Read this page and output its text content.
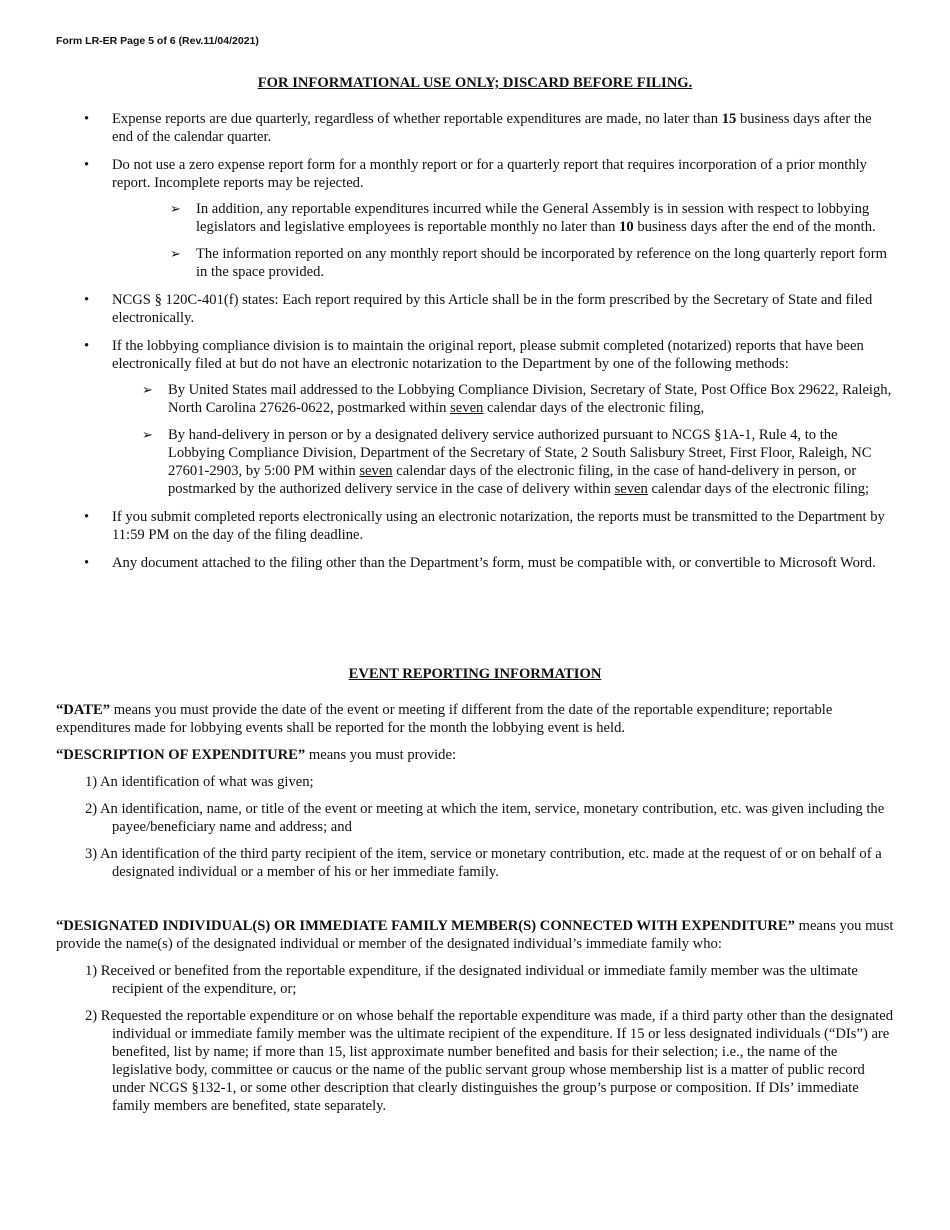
Form LR-ER Page 5 of 6 (Rev.11/04/2021)
FOR INFORMATIONAL USE ONLY; DISCARD BEFORE FILING.
• Expense reports are due quarterly, regardless of whether reportable expenditures are made, no later than 15 business days after the end of the calendar quarter.
• Do not use a zero expense report form for a monthly report or for a quarterly report that requires incorporation of a prior monthly report. Incomplete reports may be rejected.
➢ In addition, any reportable expenditures incurred while the General Assembly is in session with respect to lobbying legislators and legislative employees is reportable monthly no later than 10 business days after the end of the month.
➢ The information reported on any monthly report should be incorporated by reference on the long quarterly report form in the space provided.
• NCGS § 120C-401(f) states: Each report required by this Article shall be in the form prescribed by the Secretary of State and filed electronically.
• If the lobbying compliance division is to maintain the original report, please submit completed (notarized) reports that have been electronically filed at but do not have an electronic notarization to the Department by one of the following methods:
➢ By United States mail addressed to the Lobbying Compliance Division, Secretary of State, Post Office Box 29622, Raleigh, North Carolina 27626-0622, postmarked within seven calendar days of the electronic filing,
➢ By hand-delivery in person or by a designated delivery service authorized pursuant to NCGS §1A-1, Rule 4, to the Lobbying Compliance Division, Department of the Secretary of State, 2 South Salisbury Street, First Floor, Raleigh, NC 27601-2903, by 5:00 PM within seven calendar days of the electronic filing, in the case of hand-delivery in person, or postmarked by the authorized delivery service in the case of delivery within seven calendar days of the electronic filing;
• If you submit completed reports electronically using an electronic notarization, the reports must be transmitted to the Department by 11:59 PM on the day of the filing deadline.
• Any document attached to the filing other than the Department’s form, must be compatible with, or convertible to Microsoft Word.
EVENT REPORTING INFORMATION

“DATE” means you must provide the date of the event or meeting if different from the date of the reportable expenditure; reportable expenditures made for lobbying events shall be reported for the month the lobbying event is held.

“DESCRIPTION OF EXPENDITURE” means you must provide:

1) An identification of what was given;
2) An identification, name, or title of the event or meeting at which the item, service, monetary contribution, etc. was given including the payee/beneficiary name and address; and
3) An identification of the third party recipient of the item, service or monetary contribution, etc. made at the request of or on behalf of a designated individual or a member of his or her immediate family.

“DESIGNATED INDIVIDUAL(S) OR IMMEDIATE FAMILY MEMBER(S) CONNECTED WITH EXPENDITURE” means you must provide the name(s) of the designated individual or member of the designated individual’s immediate family who:

1) Received or benefited from the reportable expenditure, if the designated individual or immediate family member was the ultimate recipient of the expenditure, or;
2) Requested the reportable expenditure or on whose behalf the reportable expenditure was made, if a third party other than the designated individual or immediate family member was the ultimate recipient of the expenditure. If 15 or less designated individuals (“DIs”) are benefited, list by name; if more than 15, list approximate number benefited and basis for their selection; i.e., the name of the legislative body, committee or caucus or the name of the public servant group whose membership list is a matter of public record under NCGS §132-1, or some other description that clearly distinguishes the group’s purpose or composition. If DIs’ immediate family members are benefited, state separately.
